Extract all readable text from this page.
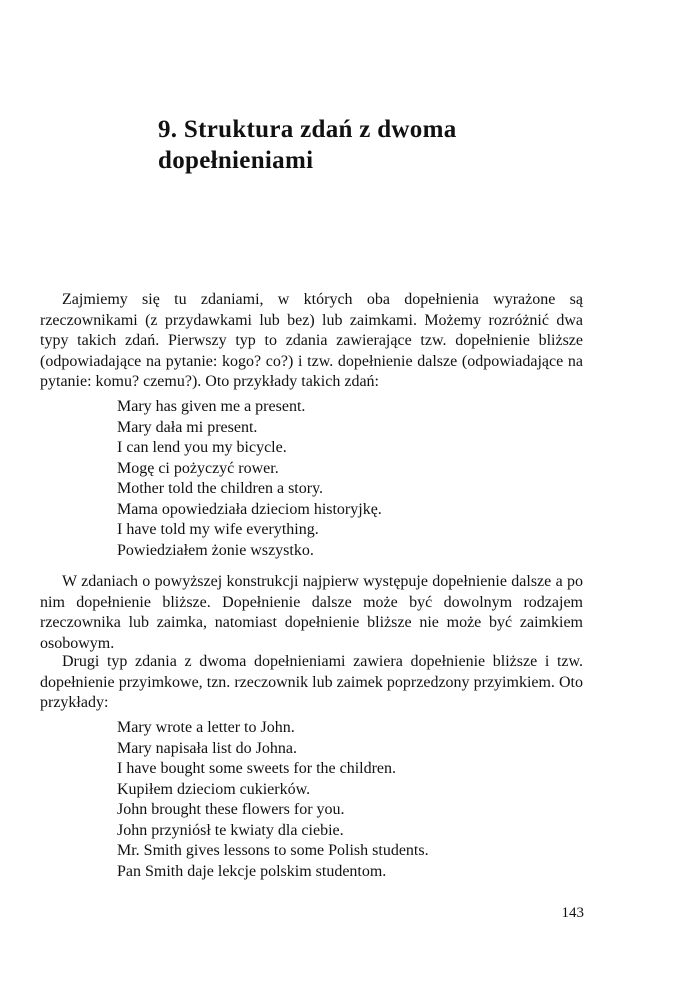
9. Struktura zdań z dwoma
dopełnieniami

Zajmiemy się tu zdaniami, w których oba dopełnienia wyrażone są rzeczownikami (z przydawkami lub bez) lub zaimkami. Możemy rozróżnić dwa typy takich zdań. Pierwszy typ to zdania zawierające tzw. dopełnienie bliższe (odpowiadające na pytanie: kogo? co?) i tzw. dopełnienie dalsze (odpowiadające na pytanie: komu? czemu?). Oto przykłady takich zdań:

Mary has given me a present.
Mary dała mi present.
I can lend you my bicycle.
Mogę ci pożyczyć rower.
Mother told the children a story.
Mama opowiedziała dzieciom historyjkę.
I have told my wife everything.
Powiedziałem żonie wszystko.

W zdaniach o powyższej konstrukcji najpierw występuje dopełnienie dalsze a po nim dopełnienie bliższe. Dopełnienie dalsze może być dowolnym rodzajem rzeczownika lub zaimka, natomiast dopełnienie bliższe nie może być zaimkiem osobowym.

Drugi typ zdania z dwoma dopełnieniami zawiera dopełnienie bliższe i tzw. dopełnienie przyimkowe, tzn. rzeczownik lub zaimek poprzedzony przyimkiem. Oto przykłady:

Mary wrote a letter to John.
Mary napisała list do Johna.
I have bought some sweets for the children.
Kupiłem dzieciom cukierków.
John brought these flowers for you.
John przyniósł te kwiaty dla ciebie.
Mr. Smith gives lessons to some Polish students.
Pan Smith daje lekcje polskim studentom.
143
